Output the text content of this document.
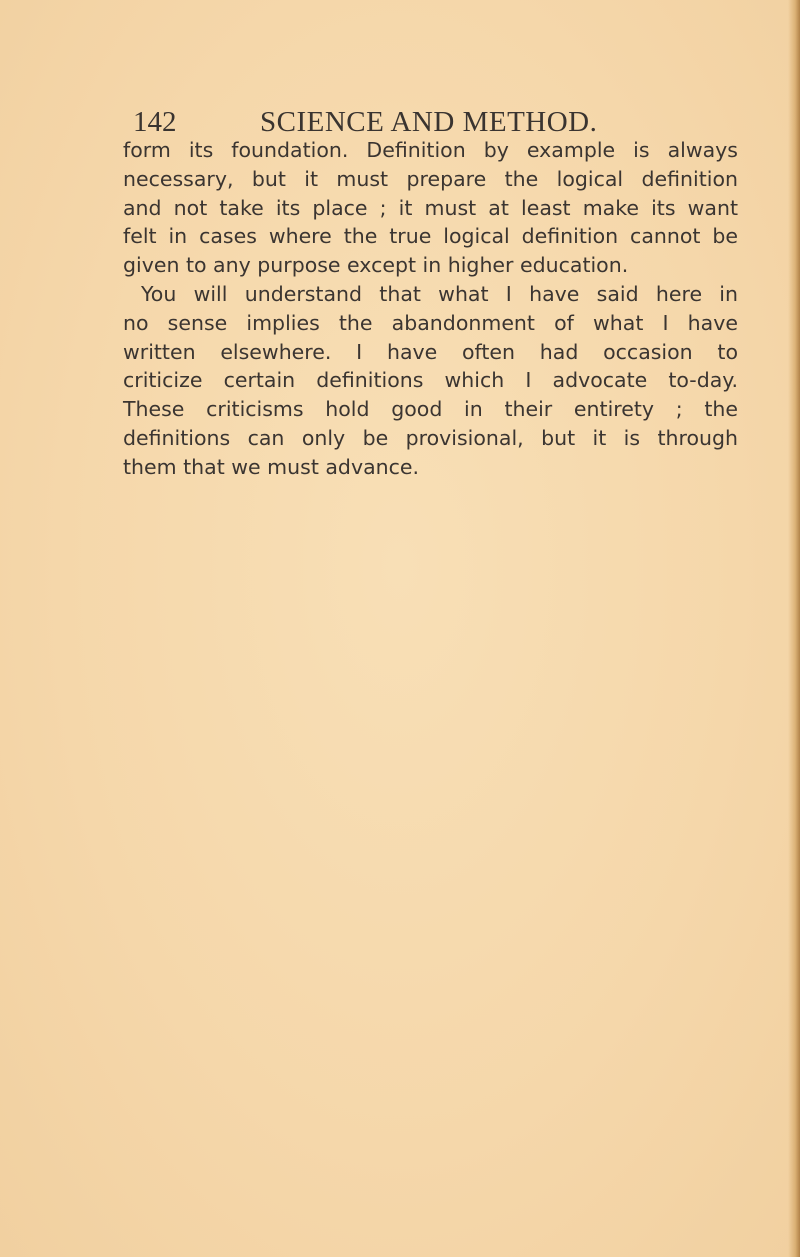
142	SCIENCE AND METHOD.
form its foundation. Definition by example is always
necessary, but it must prepare the logical definition
and not take its place ; it must at least make its want
felt in cases where the true logical definition cannot be
given to any purpose except in higher education.
You will understand that what I have said here in
no sense implies the abandonment of what I have
written elsewhere. I have often had occasion to
criticize certain definitions which I advocate to-day.
These criticisms hold good in their entirety ; the
definitions can only be provisional, but it is through
them that we must advance.
